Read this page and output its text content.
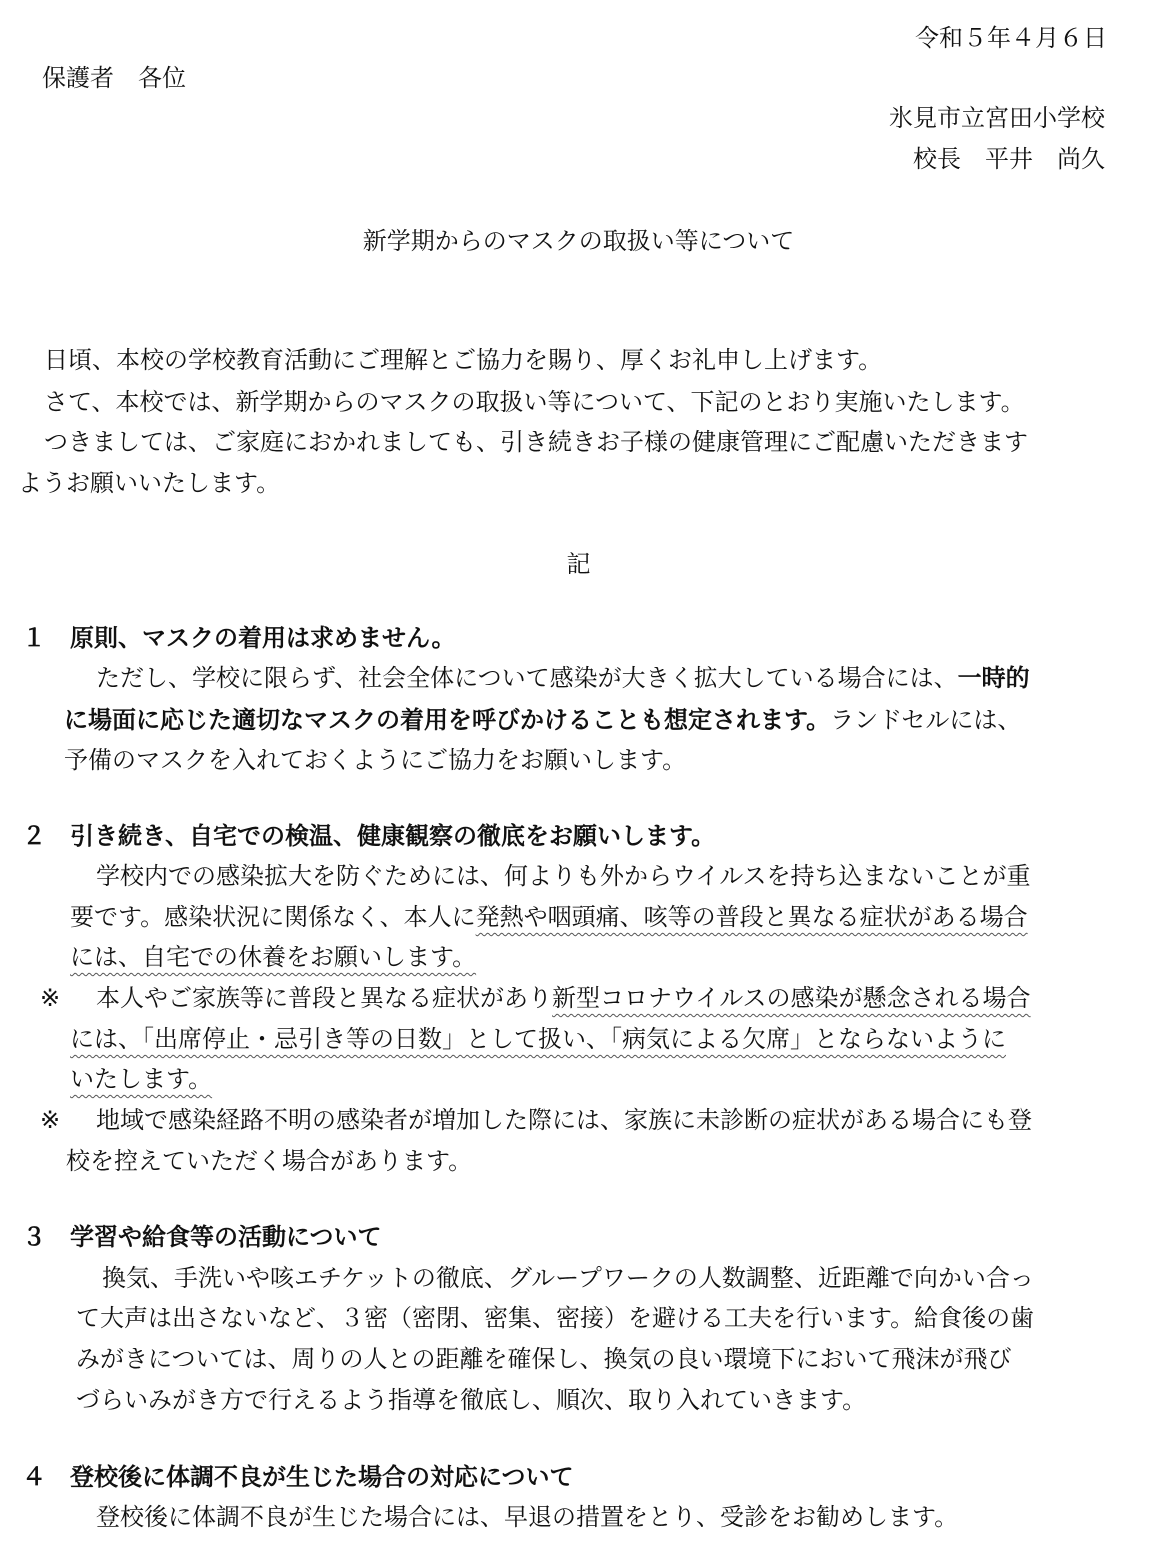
令和５年４月６日
保護者　各位
氷見市立宮田小学校
校長　平井　尚久
新学期からのマスクの取扱い等について
日頃、本校の学校教育活動にご理解とご協力を賜り、厚くお礼申し上げます。
さて、本校では、新学期からのマスクの取扱い等について、下記のとおり実施いたします。
つきましては、ご家庭におかれましても、引き続きお子様の健康管理にご配慮いただきます
ようお願いいたします。
記
１ 原則、マスクの着用は求めません。
ただし、学校に限らず、社会全体について感染が大きく拡大している場合には、一時的
に場面に応じた適切なマスクの着用を呼びかけることも想定されます。ランドセルには、
予備のマスクを入れておくようにご協力をお願いします。
２ 引き続き、自宅での検温、健康観察の徹底をお願いします。
学校内での感染拡大を防ぐためには、何よりも外からウイルスを持ち込まないことが重
要です。感染状況に関係なく、本人に発熱や咽頭痛、咳等の普段と異なる症状がある場合
には、自宅での休養をお願いします。
※ 本人やご家族等に普段と異なる症状があり新型コロナウイルスの感染が懸念される場合
には、「出席停止・忌引き等の日数」として扱い、「病気による欠席」とならないように
いたします。
※ 地域で感染経路不明の感染者が増加した際には、家族に未診断の症状がある場合にも登
校を控えていただく場合があります。
３ 学習や給食等の活動について
換気、手洗いや咳エチケットの徹底、グループワークの人数調整、近距離で向かい合っ
て大声は出さないなど、３密（密閉、密集、密接）を避ける工夫を行います。給食後の歯
みがきについては、周りの人との距離を確保し、換気の良い環境下において飛沫が飛び
づらいみがき方で行えるよう指導を徹底し、順次、取り入れていきます。
４ 登校後に体調不良が生じた場合の対応について
登校後に体調不良が生じた場合には、早退の措置をとり、受診をお勧めします。
